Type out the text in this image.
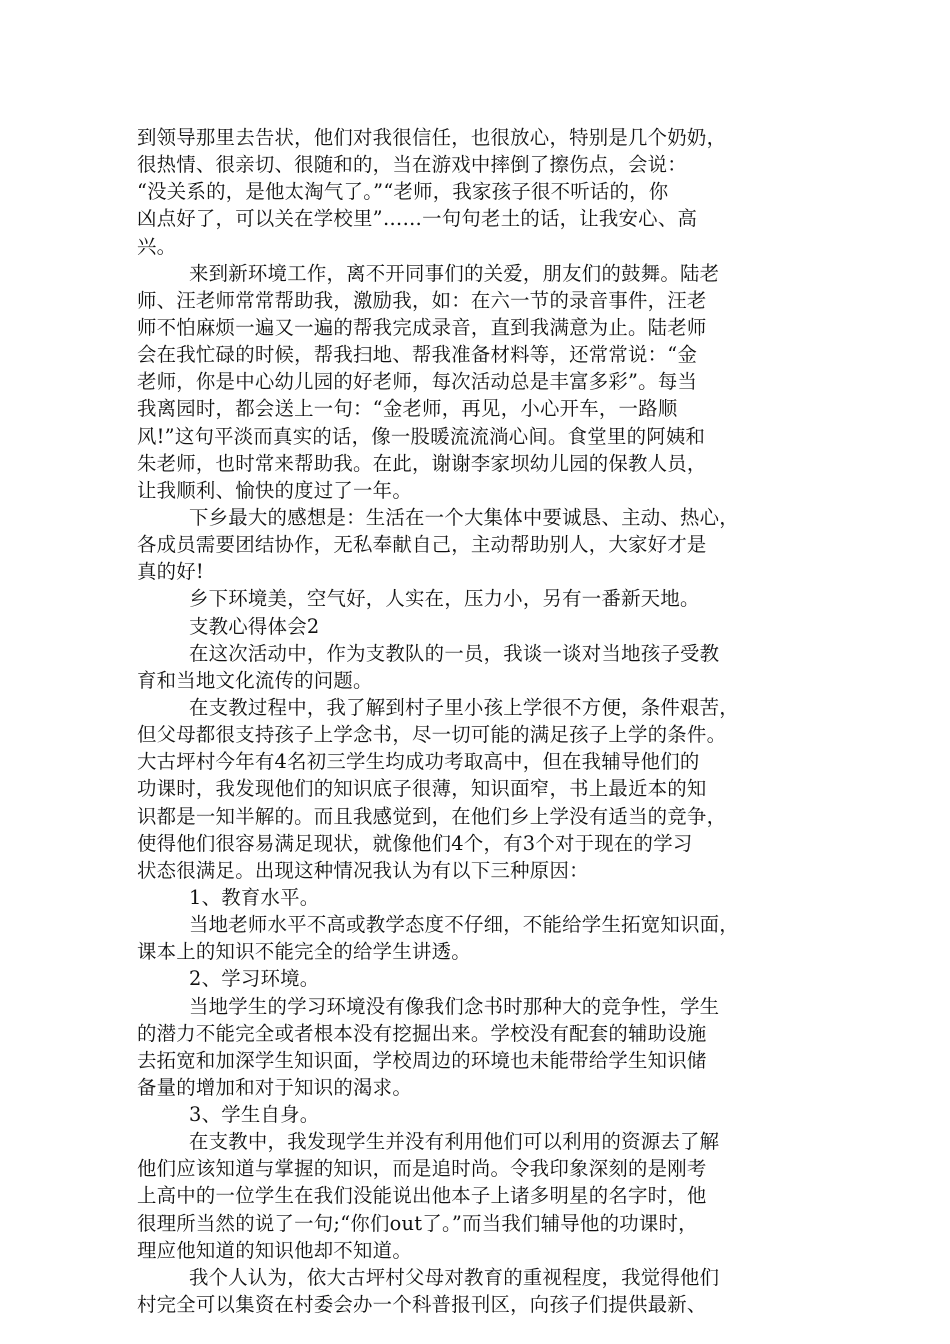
到领导那里去告状，他们对我很信任，也很放心，特别是几个奶奶，
很热情、很亲切、很随和的，当在游戏中摔倒了擦伤点，会说：
“没关系的，是他太淘气了。”“老师，我家孩子很不听话的，你
凶点好了，可以关在学校里”……一句句老土的话，让我安心、高
兴。
来到新环境工作，离不开同事们的关爱，朋友们的鼓舞。陆老
师、汪老师常常帮助我，激励我，如：在六一节的录音事件，汪老
师不怕麻烦一遍又一遍的帮我完成录音，直到我满意为止。陆老师
会在我忙碌的时候，帮我扫地、帮我准备材料等，还常常说：“金
老师，你是中心幼儿园的好老师，每次活动总是丰富多彩”。每当
我离园时，都会送上一句：“金老师，再见，小心开车，一路顺
风!”这句平淡而真实的话，像一股暖流流淌心间。食堂里的阿姨和
朱老师，也时常来帮助我。在此，谢谢李家坝幼儿园的保教人员，
让我顺利、愉快的度过了一年。
下乡最大的感想是：生活在一个大集体中要诚恳、主动、热心，
各成员需要团结协作，无私奉献自己，主动帮助别人，大家好才是
真的好!
乡下环境美，空气好，人实在，压力小，另有一番新天地。
支教心得体会2
在这次活动中，作为支教队的一员，我谈一谈对当地孩子受教
育和当地文化流传的问题。
在支教过程中，我了解到村子里小孩上学很不方便，条件艰苦，
但父母都很支持孩子上学念书，尽一切可能的满足孩子上学的条件。
大古坪村今年有4名初三学生均成功考取高中，但在我辅导他们的
功课时，我发现他们的知识底子很薄，知识面窄，书上最近本的知
识都是一知半解的。而且我感觉到，在他们乡上学没有适当的竞争，
使得他们很容易满足现状，就像他们4个，有3个对于现在的学习
状态很满足。出现这种情况我认为有以下三种原因：
1、教育水平。
当地老师水平不高或教学态度不仔细，不能给学生拓宽知识面，
课本上的知识不能完全的给学生讲透。
2、学习环境。
当地学生的学习环境没有像我们念书时那种大的竞争性，学生
的潜力不能完全或者根本没有挖掘出来。学校没有配套的辅助设施
去拓宽和加深学生知识面，学校周边的环境也未能带给学生知识储
备量的增加和对于知识的渴求。
3、学生自身。
在支教中，我发现学生并没有利用他们可以利用的资源去了解
他们应该知道与掌握的知识，而是追时尚。令我印象深刻的是刚考
上高中的一位学生在我们没能说出他本子上诸多明星的名字时，他
很理所当然的说了一句;“你们out了。”而当我们辅导他的功课时，
理应他知道的知识他却不知道。
我个人认为，依大古坪村父母对教育的重视程度，我觉得他们
村完全可以集资在村委会办一个科普报刊区，向孩子们提供最新、
